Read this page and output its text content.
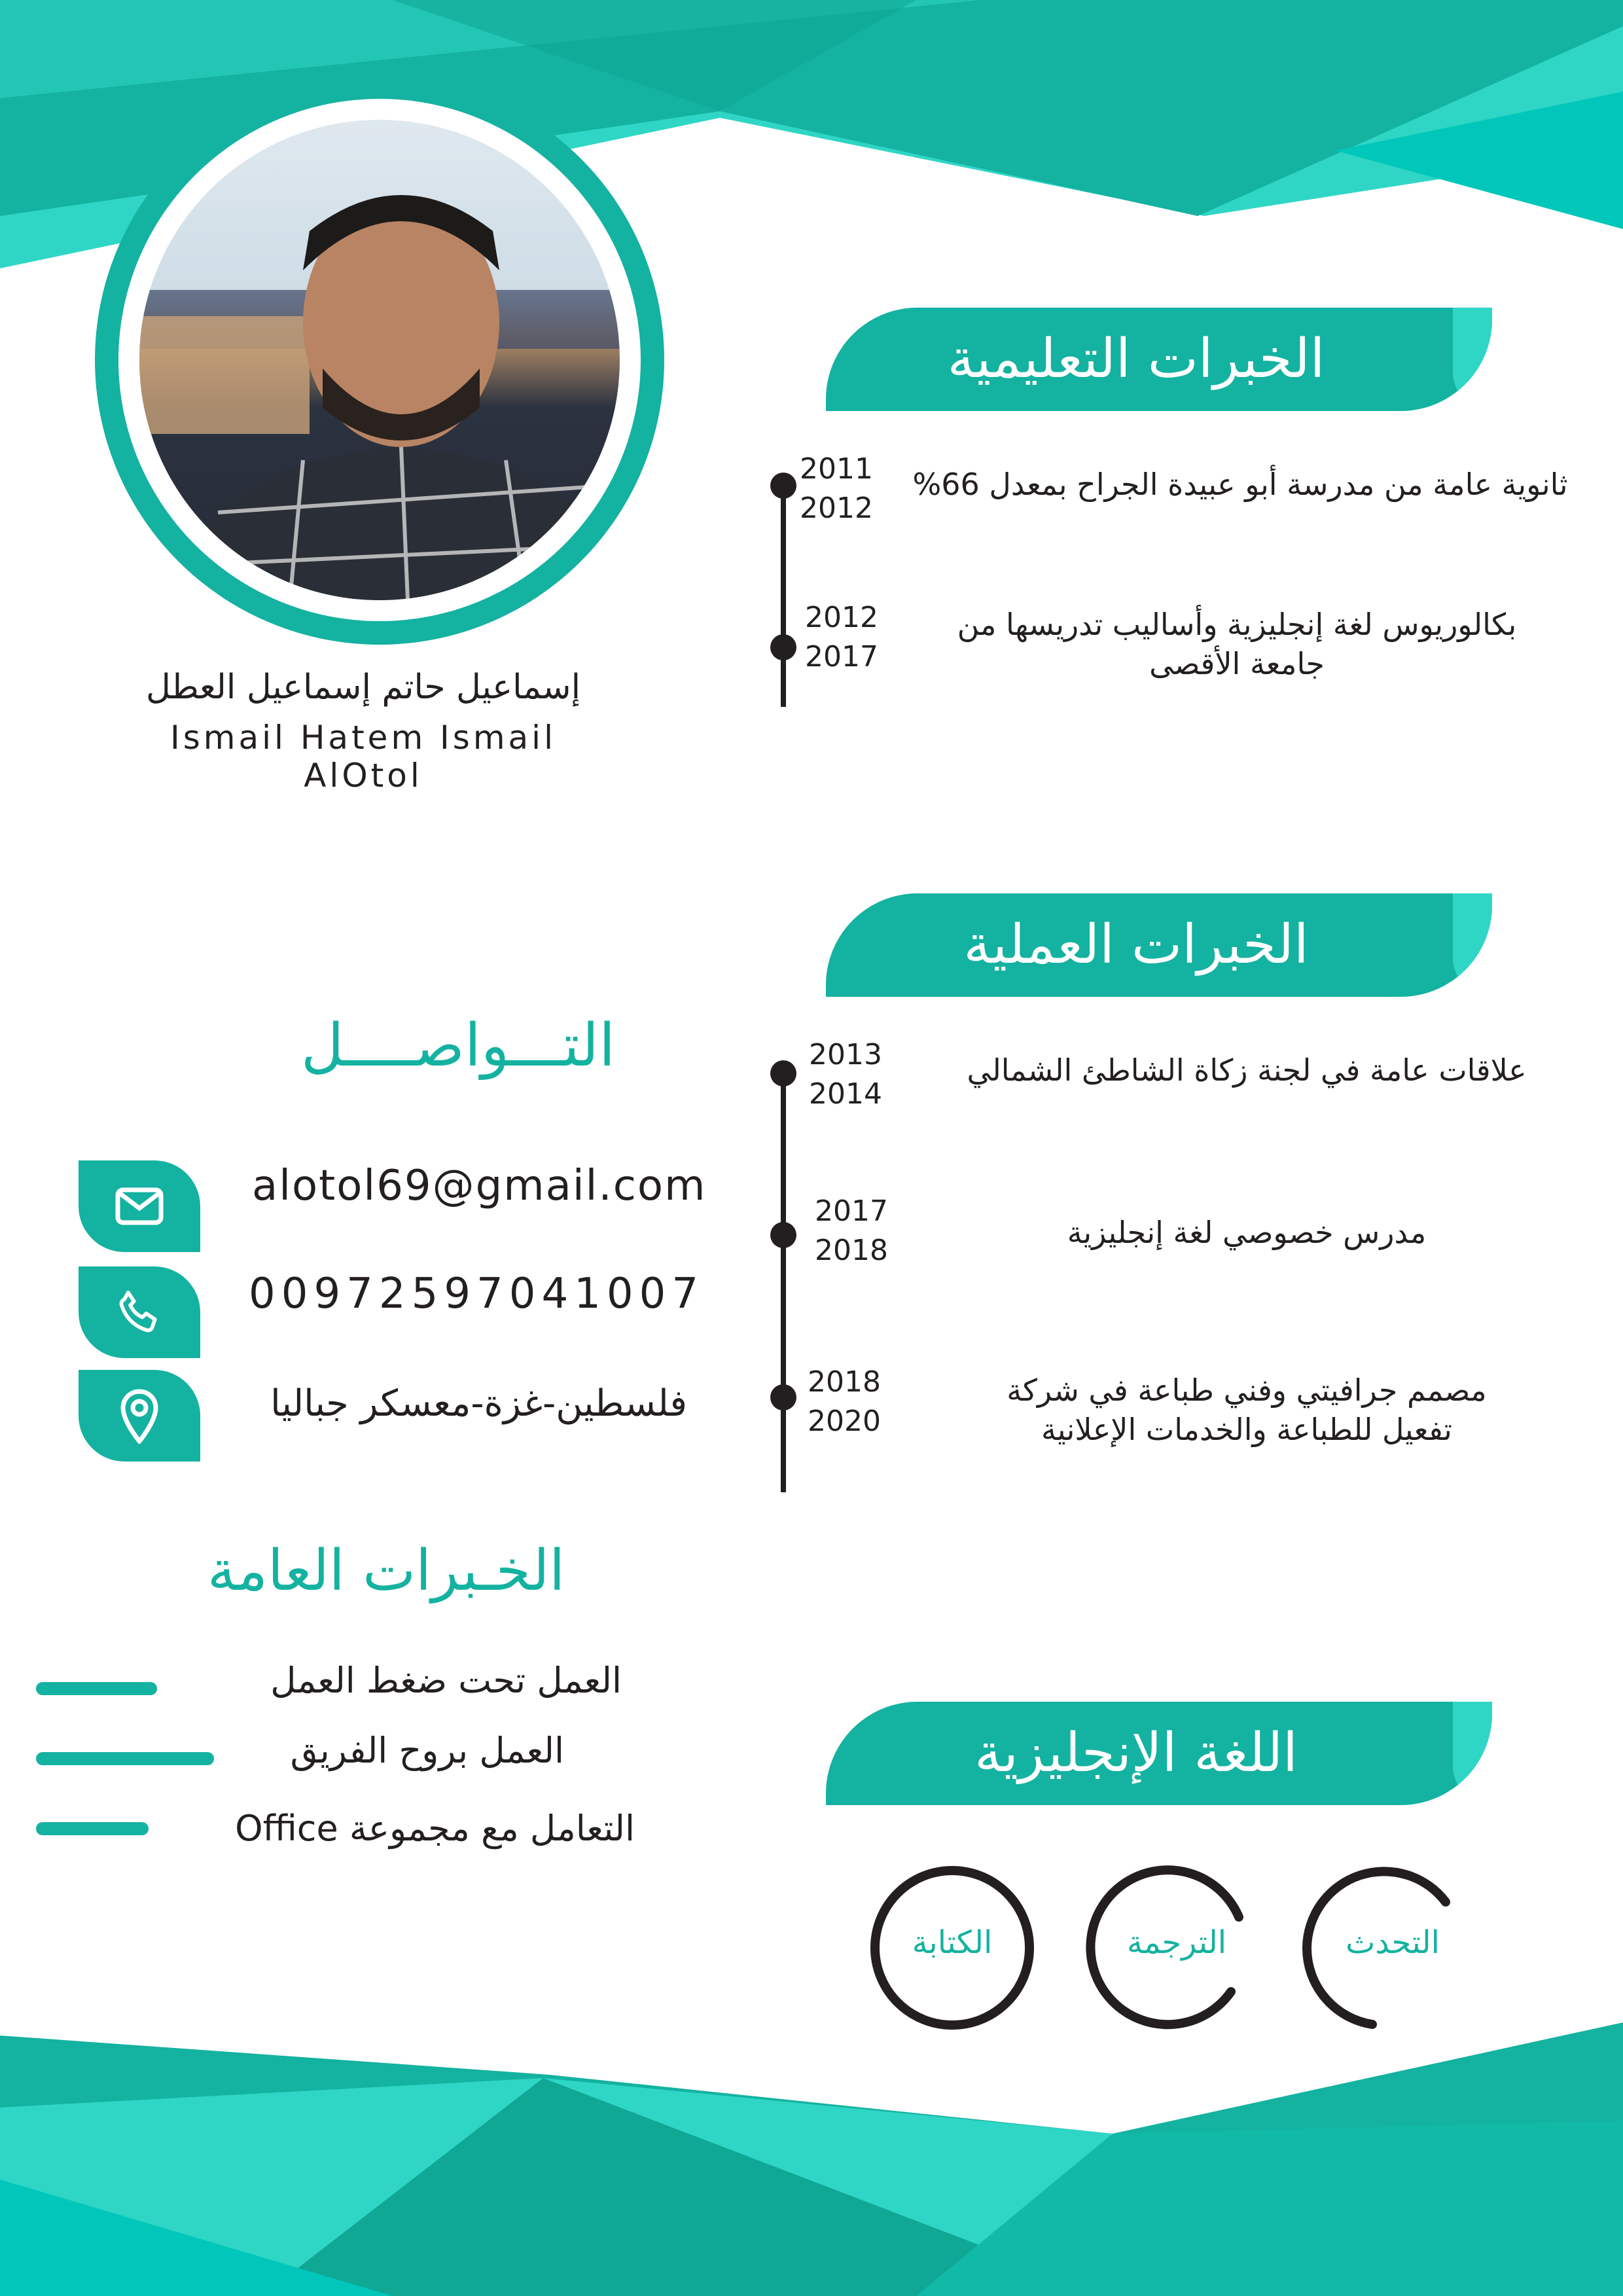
إسماعيل حاتم إسماعيل العطل
Ismail Hatem Ismail AlOtol
الخبرات التعليمية
2011
2012
ثانوية عامة من مدرسة أبو عبيدة الجراح بمعدل 66%
2012
2017
بكالوريوس لغة إنجليزية وأساليب تدريسها من
جامعة الأقصى
الخبرات العملية
2013
2014
علاقات عامة في لجنة زكاة الشاطئ الشمالي
2017
2018
مدرس خصوصي لغة إنجليزية
2018
2020
مصمم جرافيتي وفني طباعة في شركة
تفعيل للطباعة والخدمات الإعلانية
التـــواصــــل
alotol69@gmail.com
00972597041007
فلسطين-غزة-معسكر جباليا
الخـبرات العامة
العمل تحت ضغط العمل
العمل بروح الفريق
التعامل مع مجموعة Office
اللغة الإنجليزية
الكتابة	الترجمة	التحدث
